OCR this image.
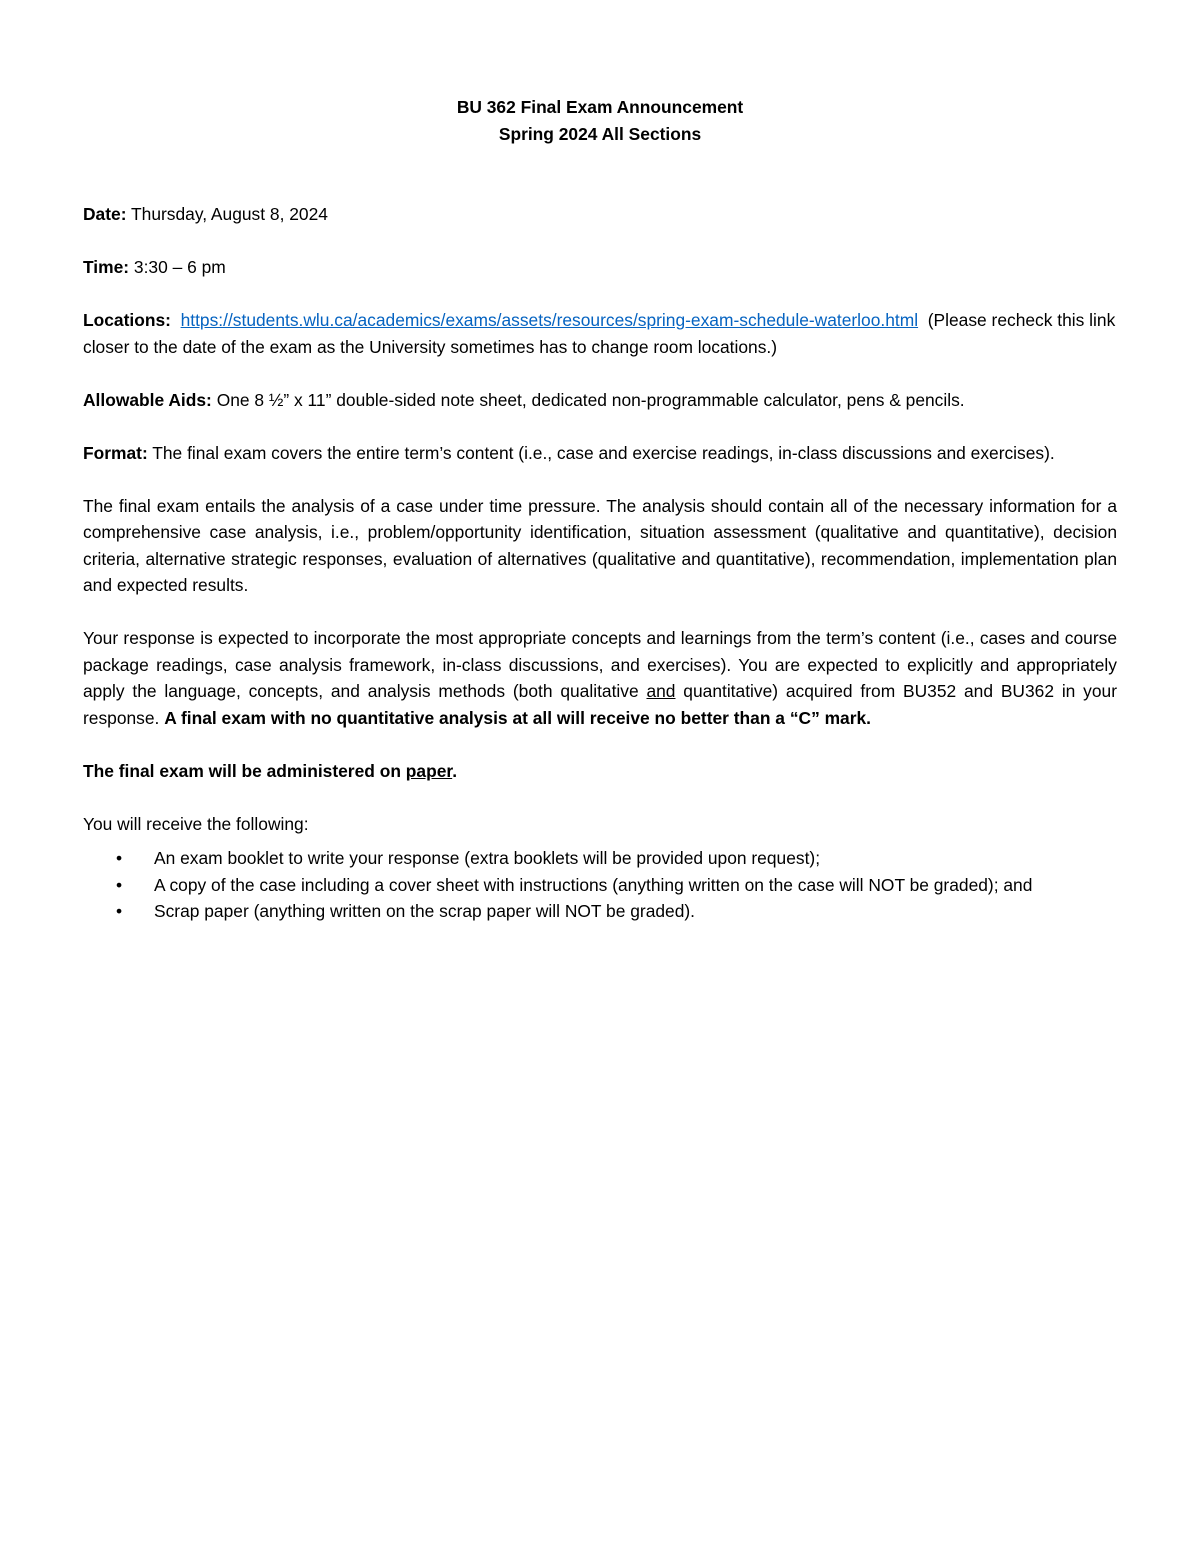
BU 362 Final Exam Announcement
Spring 2024 All Sections

Date: Thursday, August 8, 2024

Time: 3:30 – 6 pm

Locations: https://students.wlu.ca/academics/exams/assets/resources/spring-exam-schedule-waterloo.html (Please recheck this link closer to the date of the exam as the University sometimes has to change room locations.)

Allowable Aids: One 8 ½” x 11” double-sided note sheet, dedicated non-programmable calculator, pens & pencils.

Format: The final exam covers the entire term’s content (i.e., case and exercise readings, in-class discussions and exercises).

The final exam entails the analysis of a case under time pressure. The analysis should contain all of the necessary information for a comprehensive case analysis, i.e., problem/opportunity identification, situation assessment (qualitative and quantitative), decision criteria, alternative strategic responses, evaluation of alternatives (qualitative and quantitative), recommendation, implementation plan and expected results.

Your response is expected to incorporate the most appropriate concepts and learnings from the term’s content (i.e., cases and course package readings, case analysis framework, in-class discussions, and exercises). You are expected to explicitly and appropriately apply the language, concepts, and analysis methods (both qualitative and quantitative) acquired from BU352 and BU362 in your response. A final exam with no quantitative analysis at all will receive no better than a “C” mark.

The final exam will be administered on paper.

You will receive the following:

• An exam booklet to write your response (extra booklets will be provided upon request);
• A copy of the case including a cover sheet with instructions (anything written on the case will NOT be graded); and
• Scrap paper (anything written on the scrap paper will NOT be graded).
